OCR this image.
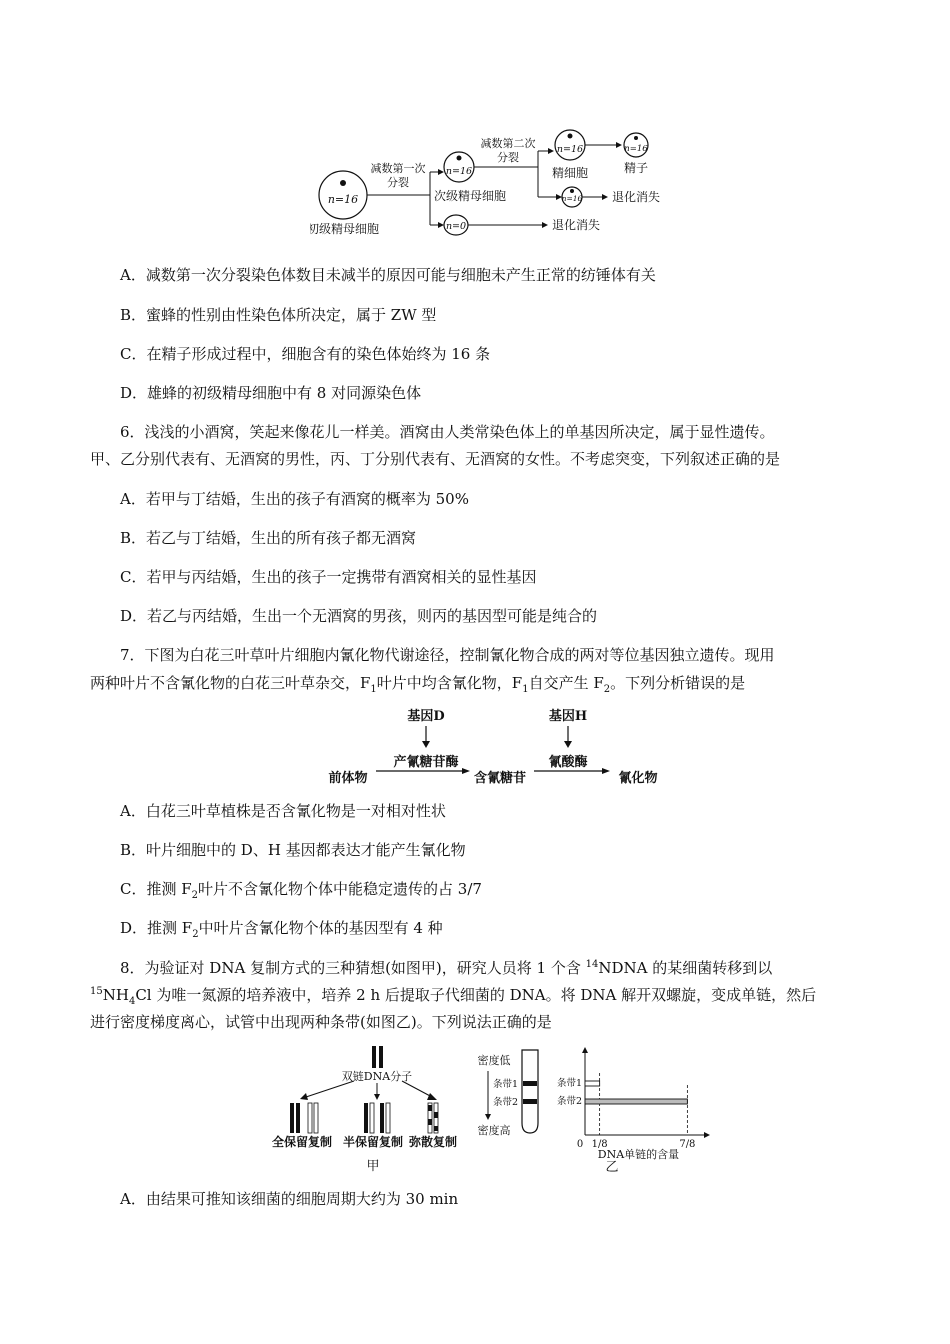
n=16
初级精母细胞
减数第一次
分裂
n=16
次级精母细胞
n=0	退化消失
减数第二次
分裂
n=16
精细胞
n=16
精子
n=16 退化消失
A．减数第一次分裂染色体数目未减半的原因可能与细胞未产生正常的纺锤体有关
B．蜜蜂的性别由性染色体所决定，属于 ZW 型
C．在精子形成过程中，细胞含有的染色体始终为 16 条
D．雄蜂的初级精母细胞中有 8 对同源染色体
6．浅浅的小酒窝，笑起来像花儿一样美。酒窝由人类常染色体上的单基因所决定，属于显性遗传。
甲、乙分别代表有、无酒窝的男性，丙、丁分别代表有、无酒窝的女性。不考虑突变，下列叙述正确的是
A．若甲与丁结婚，生出的孩子有酒窝的概率为 50%
B．若乙与丁结婚，生出的所有孩子都无酒窝
C．若甲与丙结婚，生出的孩子一定携带有酒窝相关的显性基因
D．若乙与丙结婚，生出一个无酒窝的男孩，则丙的基因型可能是纯合的
7．下图为白花三叶草叶片细胞内氰化物代谢途径，控制氰化物合成的两对等位基因独立遗传。现用
两种叶片不含氰化物的白花三叶草杂交，$F_1$叶片中均含氰化物，$F_1$自交产生 $F_2$。下列分析错误的是
基因D	基因H
产氰糖苷酶	氰酸酶
前体物	含氰糖苷	氰化物
A．白花三叶草植株是否含氰化物是一对相对性状
B．叶片细胞中的 D、H 基因都表达才能产生氰化物
C．推测 $F_2$叶片不含氰化物个体中能稳定遗传的占 3/7
D．推测 $F_2$中叶片含氰化物个体的基因型有 4 种
8．为验证对 DNA 复制方式的三种猜想(如图甲)，研究人员将 1 个含 $^{14}$NDNA 的某细菌转移到以
$^{15}NH_4Cl$ 为唯一氮源的培养液中，培养 2 h 后提取子代细菌的 DNA。将 DNA 解开双螺旋，变成单链，然后
进行密度梯度离心，试管中出现两种条带(如图乙)。下列说法正确的是
双链DNA分子
全保留复制 半保留复制 弥散复制
甲
密度低
密度高
条带1
条带2
乙
条带1
条带2
0 1/8	7/8
DNA单链的含量
A．由结果可推知该细菌的细胞周期大约为 30 min
